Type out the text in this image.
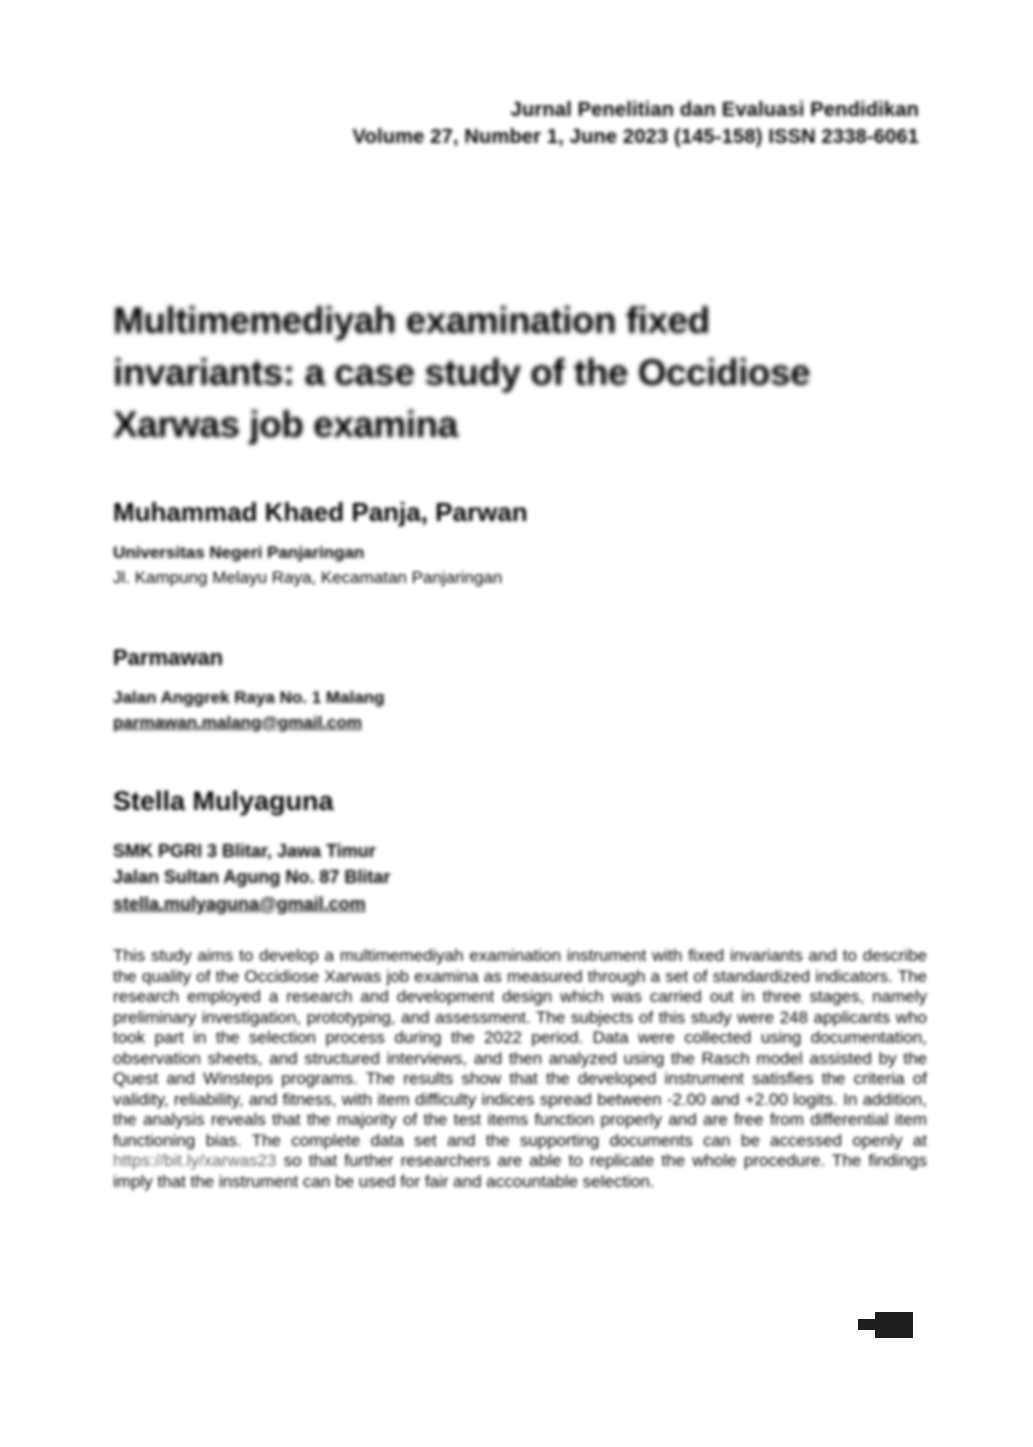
Jurnal Penelitian dan Evaluasi Pendidikan
Volume 27, Number 1, June 2023 (145-158) ISSN 2338-6061
Multimemediyah examination fixed
invariants: a case study of the Occidiose
Xarwas job examina
Muhammad Khaed Panja, Parwan
Universitas Negeri Panjaringan
Jl. Kampung Melayu Raya, Kecamatan Panjaringan
Parmawan
Jalan Anggrek Raya No. 1 Malang
parmawan.malang@gmail.com
Stella Mulyaguna
SMK PGRI 3 Blitar, Jawa Timur
Jalan Sultan Agung No. 87 Blitar
stella.mulyaguna@gmail.com

This study aims to develop a multimemediyah examination instrument with fixed invariants and to describe the quality of the Occidiose Xarwas job examina as measured through a set of standardized indicators. The research employed a research and development design which was carried out in three stages, namely preliminary investigation, prototyping, and assessment. The subjects of this study were 248 applicants who took part in the selection process during the 2022 period. Data were collected using documentation, observation sheets, and structured interviews, and then analyzed using the Rasch model assisted by the Quest and Winsteps programs. The results show that the developed instrument satisfies the criteria of validity, reliability, and fitness, with item difficulty indices spread between -2.00 and +2.00 logits. In addition, the analysis reveals that the majority of the test items function properly and are free from differential item functioning bias. The complete data set and the supporting documents can be accessed openly at https://bit.ly/xarwas23 so that further researchers are able to replicate the whole procedure. The findings imply that the instrument can be used for fair and accountable selection.
